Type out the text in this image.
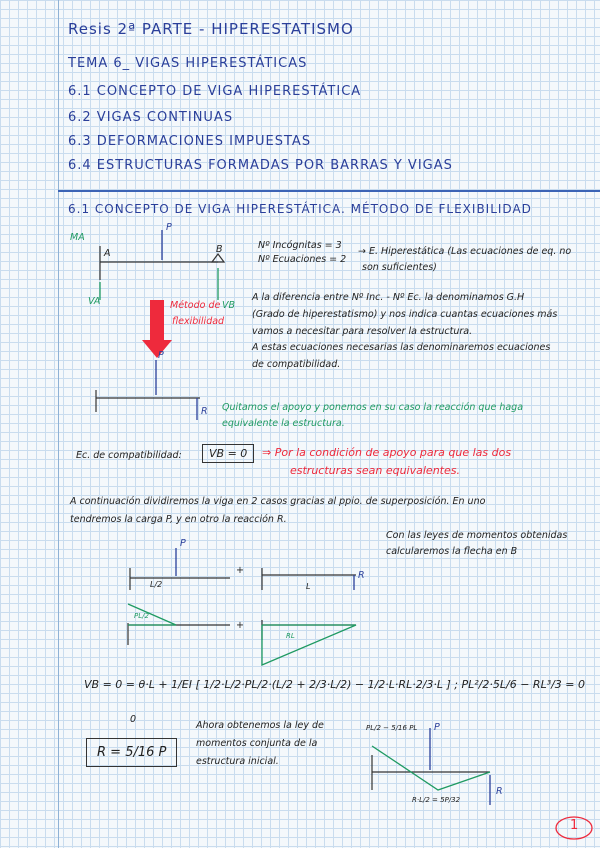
Resis 2ª PARTE - HIPERESTATISMO
TEMA 6_ VIGAS HIPERESTÁTICAS
6.1 CONCEPTO DE VIGA HIPERESTÁTICA
6.2 VIGAS CONTINUAS
6.3 DEFORMACIONES IMPUESTAS
6.4 ESTRUCTURAS FORMADAS POR BARRAS Y VIGAS
6.1 CONCEPTO DE VIGA HIPERESTÁTICA. MÉTODO DE FLEXIBILIDAD
MA
VA
A	B
VB
P
P
R
Nº Incógnitas = 3
Nº Ecuaciones = 2
→ E. Hiperestática (Las ecuaciones de eq. no
son suficientes)
A la diferencia entre Nº Inc. - Nº Ec. la denominamos G.H
(Grado de hiperestatismo) y nos indica cuantas ecuaciones más
vamos a necesitar para resolver la estructura.
A estas ecuaciones necesarias las denominaremos ecuaciones
de compatibilidad.
Método de
flexibilidad
Quitamos el apoyo y ponemos en su caso la reacción que haga
equivalente la estructura.
Ec. de compatibilidad:	VB = 0	⇒ Por la condición de apoyo para que las dos
estructuras sean equivalentes.
A continuación dividiremos la viga en 2 casos gracias al ppio. de superposición. En uno
tendremos la carga P, y en otro la reacción R.
Con las leyes de momentos obtenidas
calcularemos la flecha en B
P
R
L/2	L
+
+
PL/2
RL
VB = 0 = θ·L + 1/EI [ 1/2·L/2·PL/2·(L/2 + 2/3·L/2) − 1/2·L·RL·2/3·L ] ; PL²/2·5L/6 − RL³/3 = 0
0
R = 5/16 P
Ahora obtenemos la ley de
momentos conjunta de la
estructura inicial.
PL/2 − 5/16 PL
R·L/2 = 5P/32
P
R
1
